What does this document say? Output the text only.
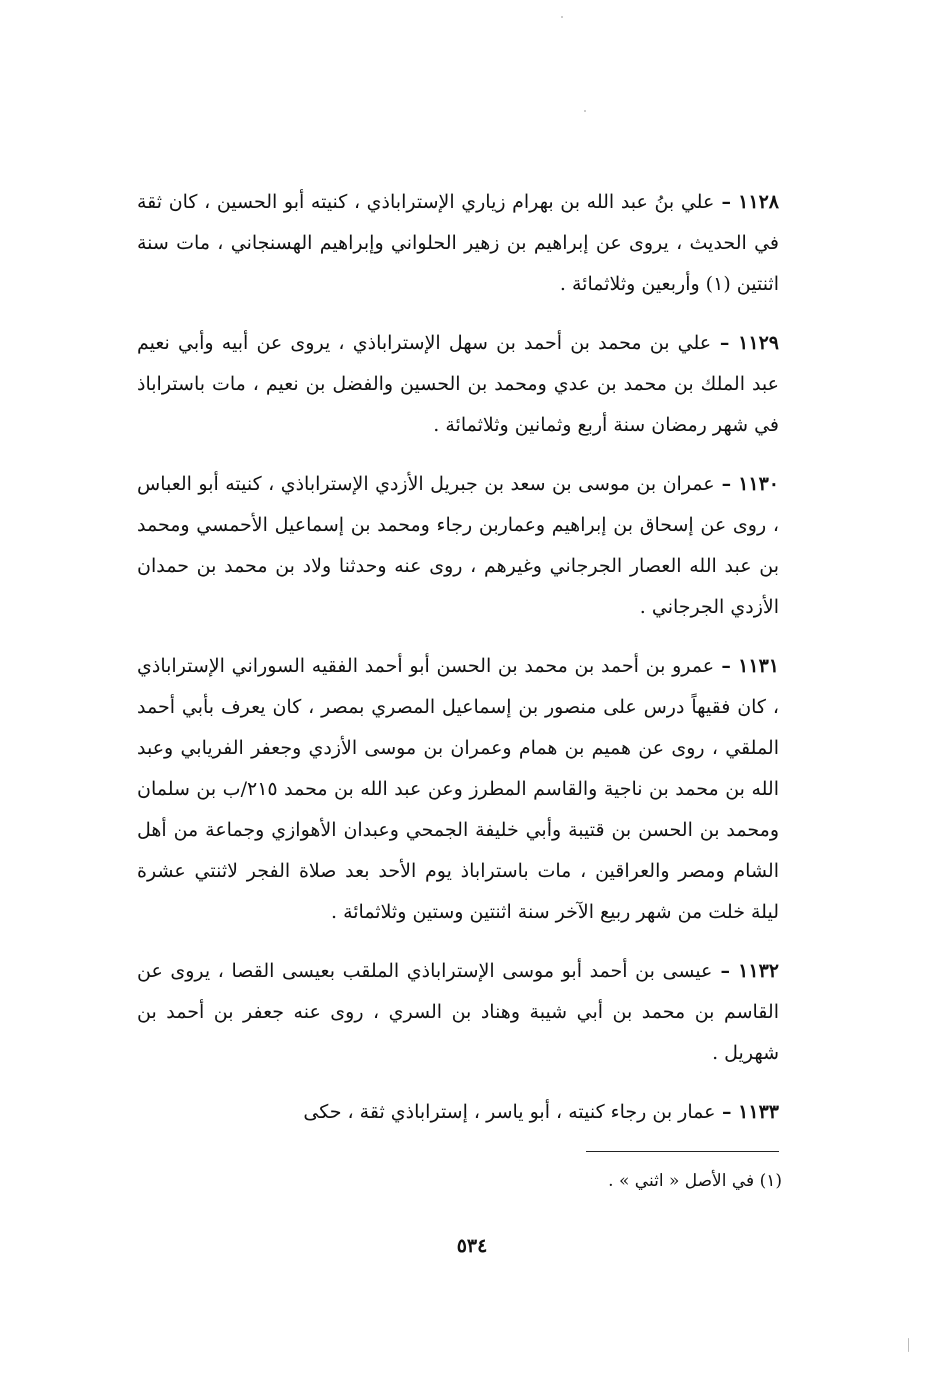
١١٢٨ – علي بنُ عبد الله بن بهرام زياري الإستراباذي ، كنيته أبو الحسين ، كان ثقة في الحديث ، يروى عن إبراهيم بن زهير الحلواني وإبراهيم الهسنجاني ، مات سنة اثنتين (١) وأربعين وثلاثمائة .

١١٢٩ – علي بن محمد بن أحمد بن سهل الإستراباذي ، يروى عن أبيه وأبي نعيم عبد الملك بن محمد بن عدي ومحمد بن الحسين والفضل بن نعيم ، مات باستراباذ في شهر رمضان سنة أربع وثمانين وثلاثمائة .

١١٣٠ – عمران بن موسى بن سعد بن جبريل الأزدي الإستراباذي ، كنيته أبو العباس ، روى عن إسحاق بن إبراهيم وعماربن رجاء ومحمد بن إسماعيل الأحمسي ومحمد بن عبد الله العصار الجرجاني وغيرهم ، روى عنه وحدثنا ولاد بن محمد بن حمدان الأزدي الجرجاني .

١١٣١ – عمرو بن أحمد بن محمد بن الحسن أبو أحمد الفقيه السوراني الإستراباذي ، كان فقيهاً درس على منصور بن إسماعيل المصري بمصر ، كان يعرف بأبي أحمد الملقي ، روى عن هميم بن همام وعمران بن موسى الأزدي وجعفر الفريابي وعبد الله بن محمد بن ناجية والقاسم المطرز وعن عبد الله بن محمد ٢١٥/ب بن سلمان ومحمد بن الحسن بن قتيبة وأبي خليفة الجمحي وعبدان الأهوازي وجماعة من أهل الشام ومصر والعراقين ، مات باستراباذ يوم الأحد بعد صلاة الفجر لاثنتي عشرة ليلة خلت من شهر ربيع الآخر سنة اثنتين وستين وثلاثمائة .

١١٣٢ – عيسى بن أحمد أبو موسى الإستراباذي الملقب بعيسى القصا ، يروى عن القاسم بن محمد بن أبي شيبة وهناد بن السري ، روى عنه جعفر بن أحمد بن شهريل .

١١٣٣ – عمار بن رجاء كنيته ، أبو ياسر ، إستراباذي ثقة ، حكى

(١) في الأصل « اثني » .
٥٣٤
